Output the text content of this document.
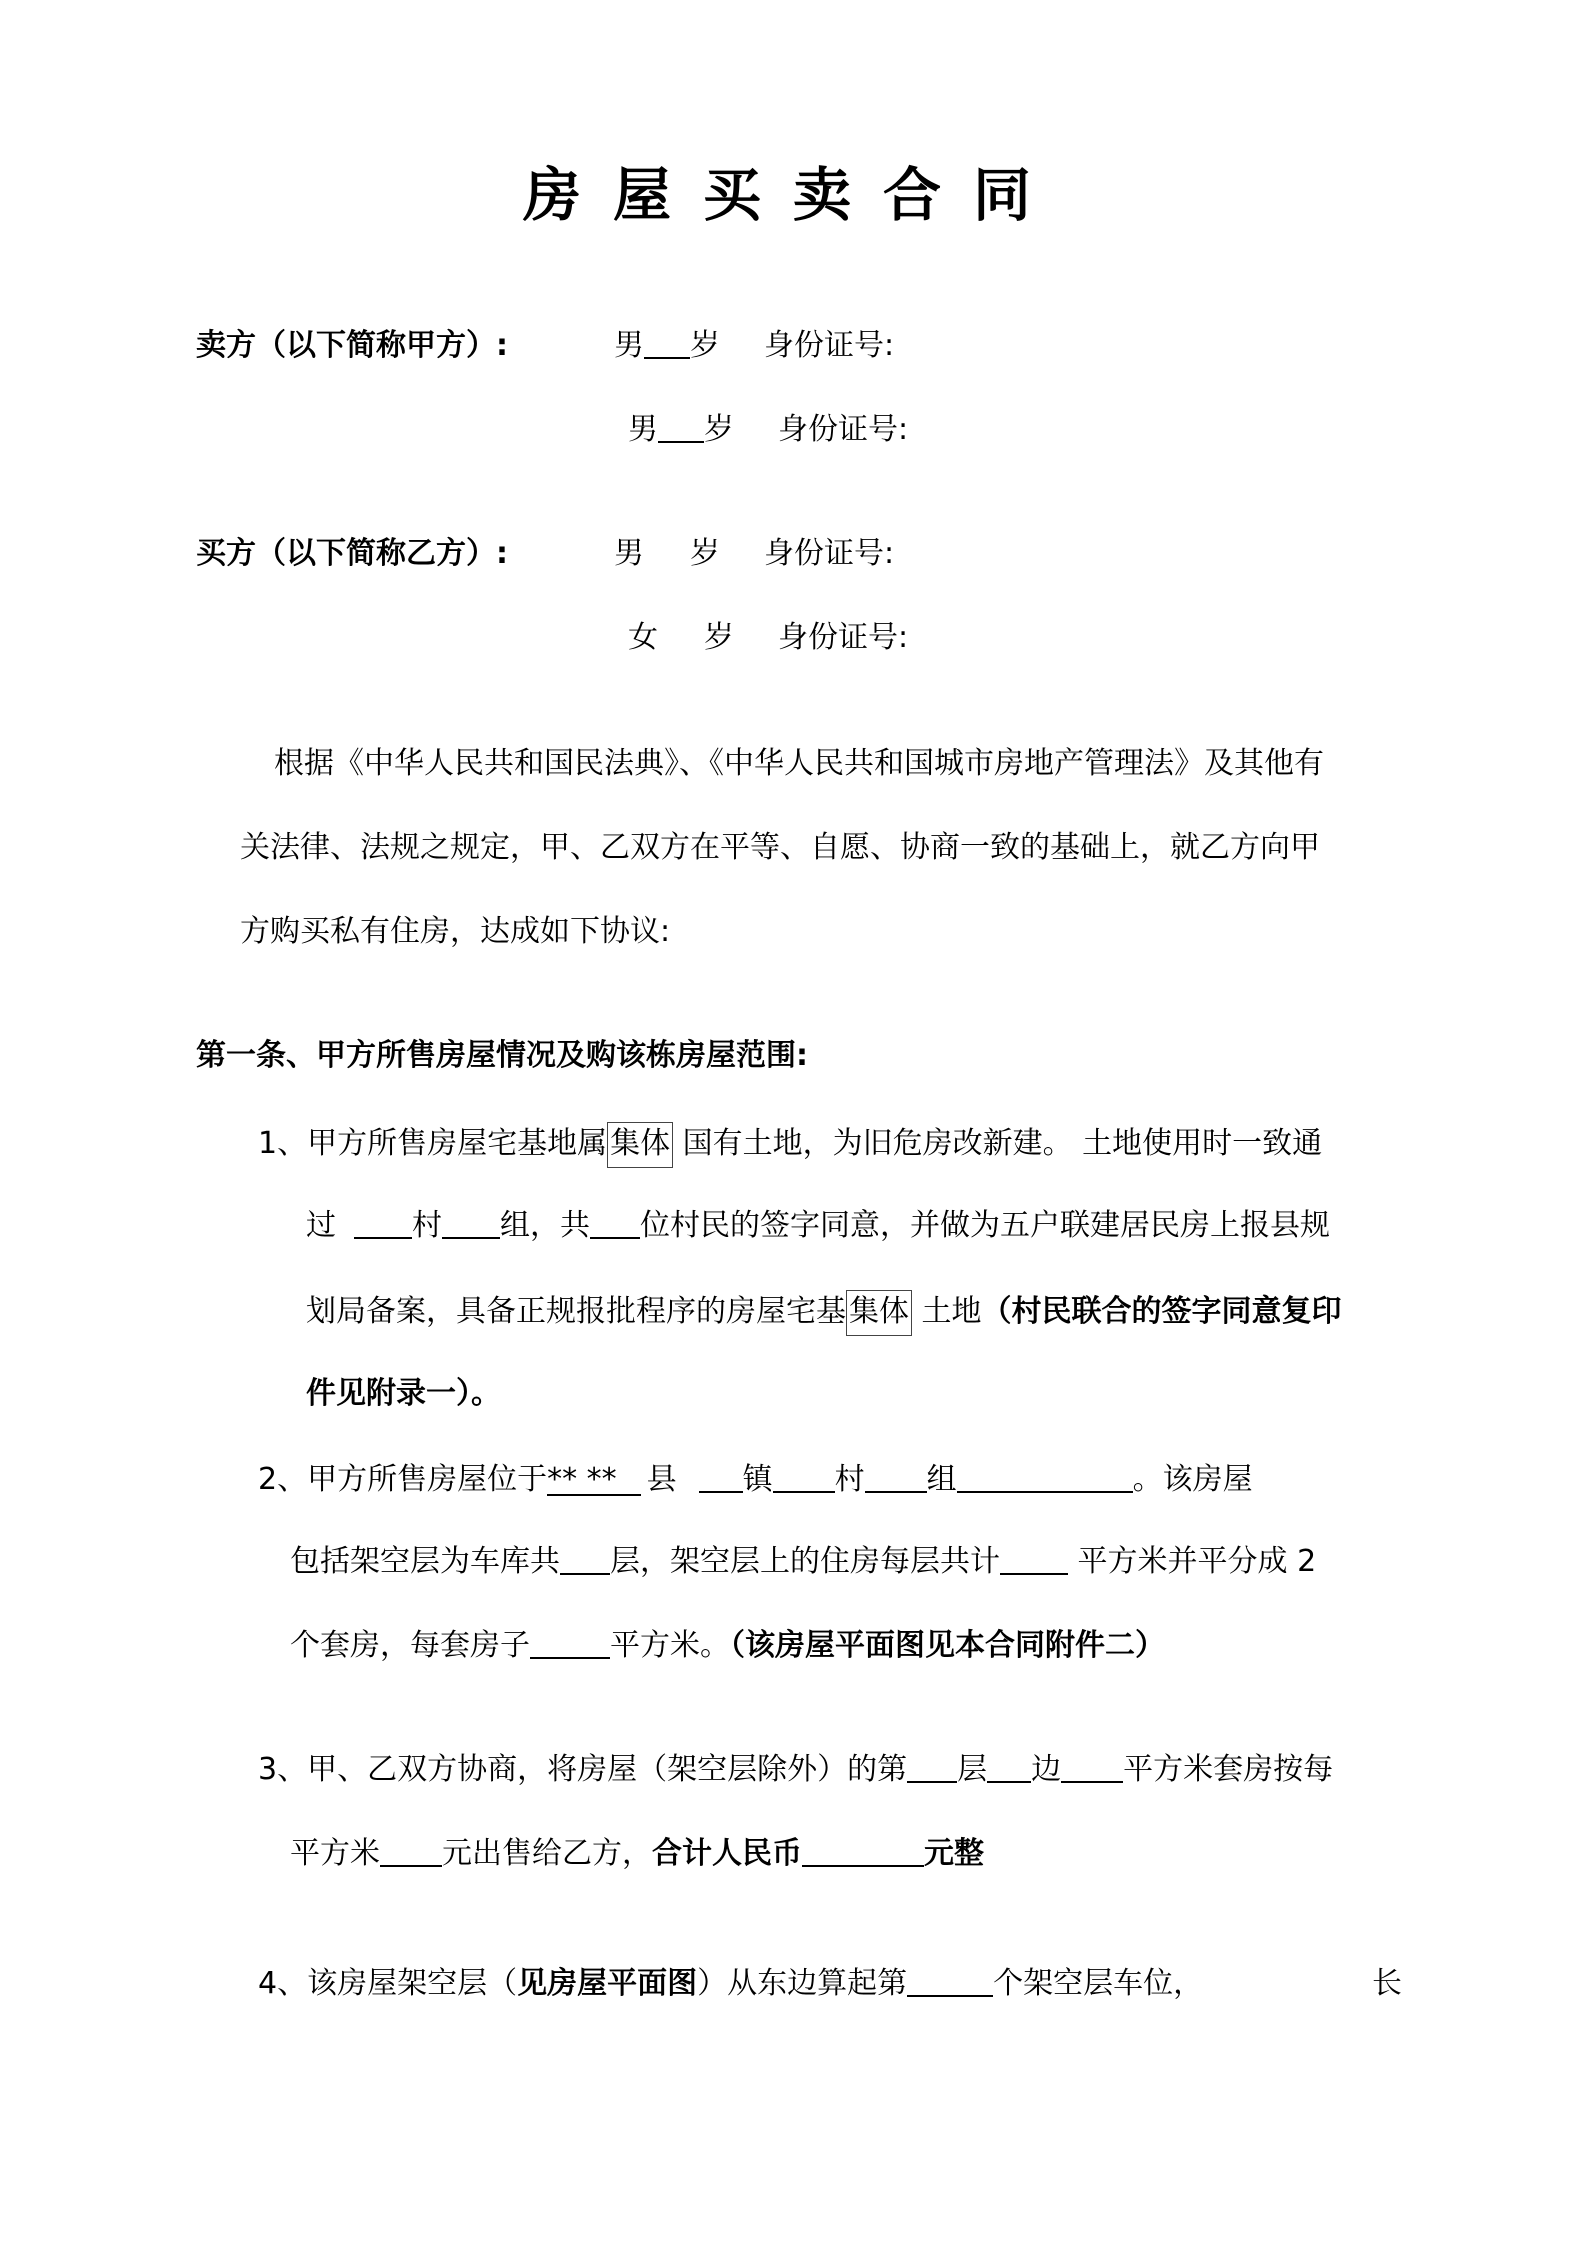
房屋买卖合同
卖方（以下简称甲方）:	男 岁 身份证号:
男 岁 身份证号:
买方（以下简称乙方）:	男 岁 身份证号:
女 岁 身份证号:
根据《中华人民共和国民法典》、《中华人民共和国城市房地产管理法》及其他有
关法律、法规之规定，甲、乙双方在平等、自愿、协商一致的基础上，就乙方向甲
方购买私有住房，达成如下协议:
第一条、甲方所售房屋情况及购该栋房屋范围:
1、甲方所售房屋宅基地属 集体 国有土地，为旧危房改新建。 土地使用时一致通
过	村 组，共 位村民的签字同意，并做为五户联建居民房上报县规
划局备案，具备正规报批程序的房屋宅基 集体 土地（村民联合的签字同意复印
件见附录一）。
2、甲方所售房屋位于** ** 县 镇 村 组	。该房屋
包括架空层为车库共 层，架空层上的住房每层共计 平方米并平分成 2
个套房，每套房子	平方米。（该房屋平面图见本合同附件二）
3、甲、乙双方协商，将房屋（架空层除外）的第 层 边 平方米套房按每
平方米 元出售给乙方，合计人民币	元整
4、该房屋架空层（见房屋平面图）从东边算起第	个架空层车位，	长
